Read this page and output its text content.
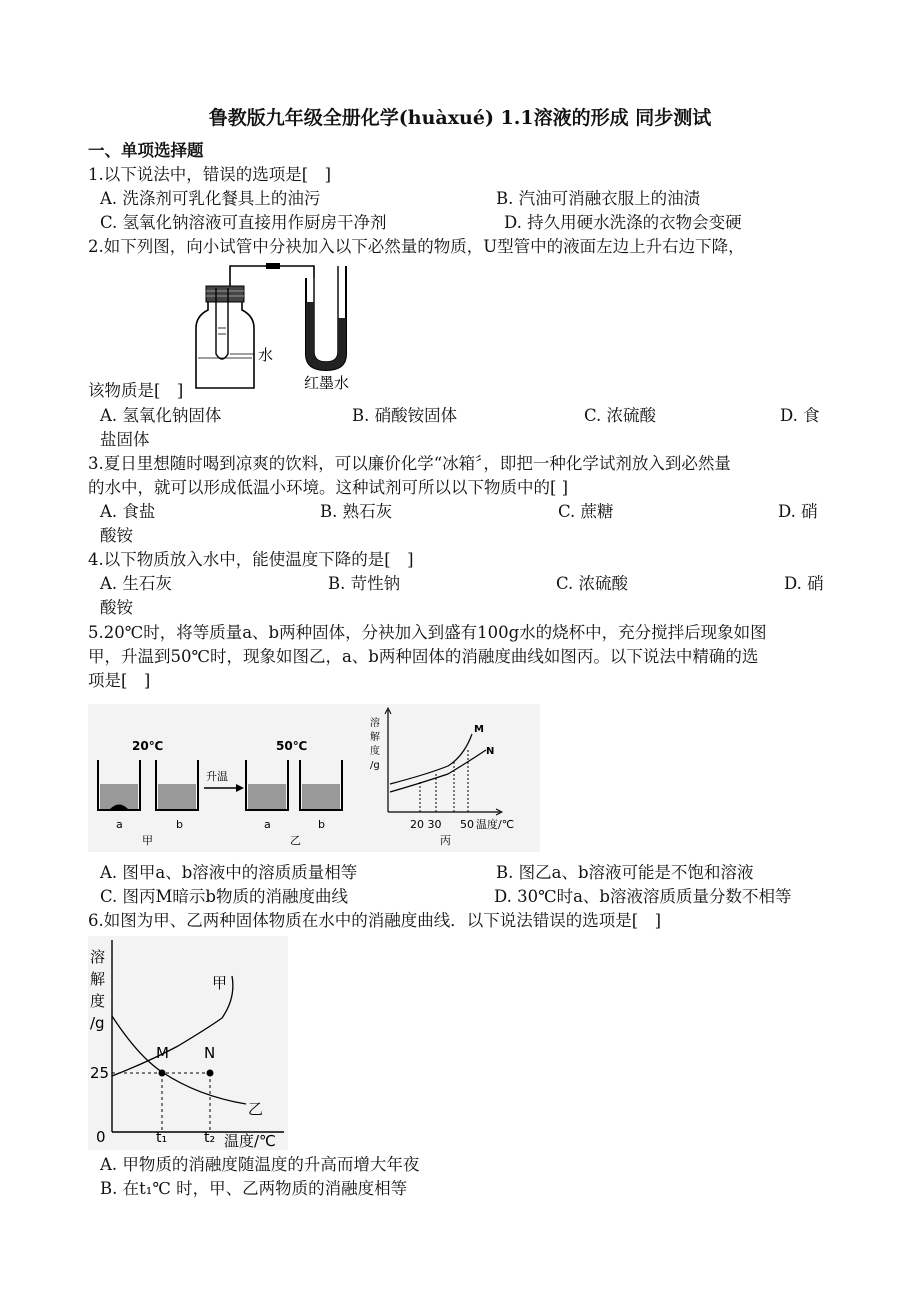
鲁教版九年级全册化学(huàxué) 1.1溶液的形成 同步测试
一、单项选择题
1.以下说法中，错误的选项是[　]
A. 洗涤剂可乳化餐具上的油污	B. 汽油可消融衣服上的油渍
C. 氢氧化钠溶液可直接用作厨房干净剂	D. 持久用硬水洗涤的衣物会变硬
2.如下列图，向小试管中分袂加入以下必然量的物质，U型管中的液面左边上升右边下降，
水
红墨水
该物质是[　]
A. 氢氧化钠固体	B. 硝酸铵固体	C. 浓硫酸	D. 食
盐固体
3.夏日里想随时喝到凉爽的饮料，可以廉价化学“冰箱〞，即把一种化学试剂放入到必然量
的水中，就可以形成低温小环境。这种试剂可所以以下物质中的[ ]
A. 食盐	B. 熟石灰	C. 蔗糖	D. 硝
酸铵
4.以下物质放入水中，能使温度下降的是[　]
A. 生石灰	B. 苛性钠	C. 浓硫酸	D. 硝
酸铵
5.20℃时，将等质量a、b两种固体，分袂加入到盛有100g水的烧杯中，充分搅拌后现象如图
甲，升温到50℃时，现象如图乙，a、b两种固体的消融度曲线如图丙。以下说法中精确的选
项是[　]
20℃
a	b
甲
升温
50℃
a	b
乙
溶
解
度
/g
M
N
20 30 50 温度/℃
丙
A. 图甲a、b溶液中的溶质质量相等	B. 图乙a、b溶液可能是不饱和溶液
C. 图丙M暗示b物质的消融度曲线	D. 30℃时a、b溶液溶质质量分数不相等
6.如图为甲、乙两种固体物质在水中的消融度曲线．以下说法错误的选项是[　]
溶
解
度
/g
甲
乙
M N
25
0	t₁	t₂ 温度/℃
A. 甲物质的消融度随温度的升高而增大年夜
B. 在t₁℃ 时，甲、乙两物质的消融度相等
